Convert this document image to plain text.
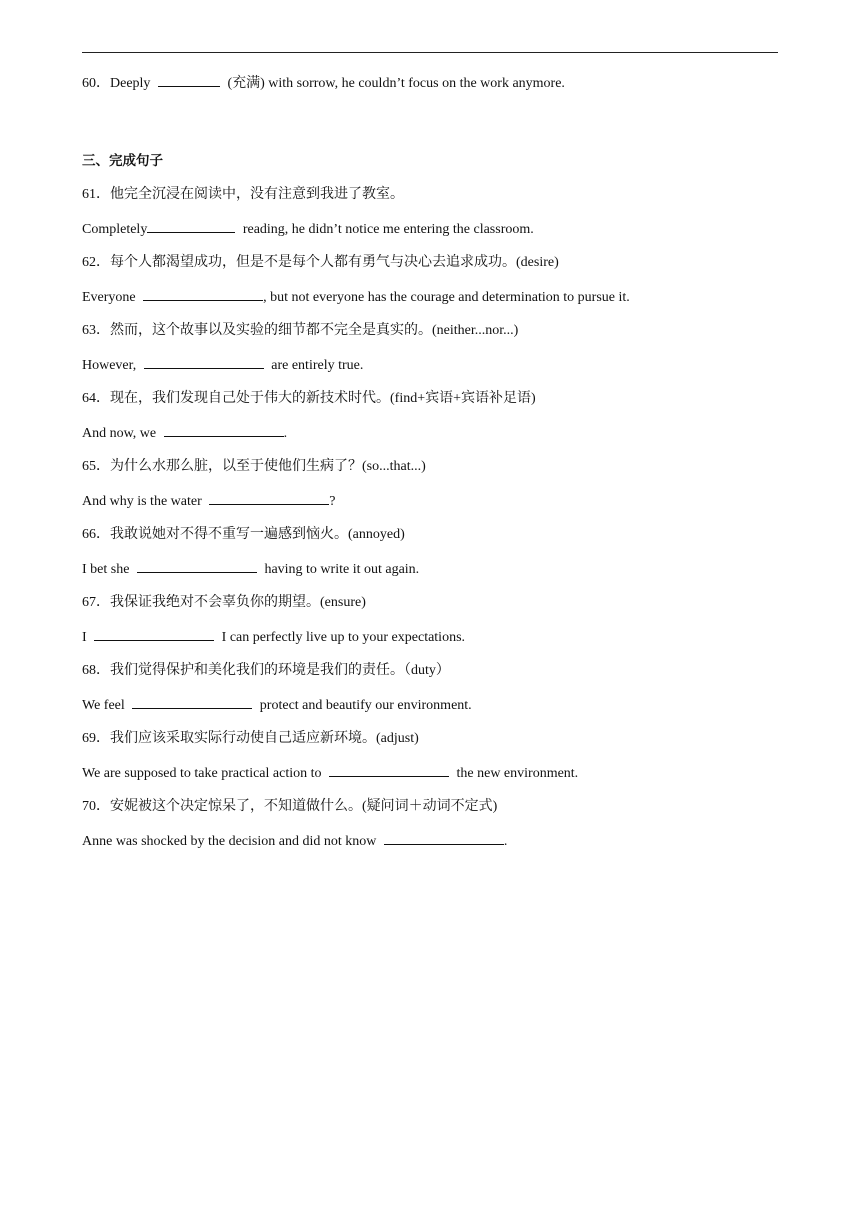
60．Deeply	(充满) with sorrow, he couldn’t focus on the work anymore.
三、完成句子
61．他完全沉浸在阅读中，没有注意到我进了教室。
Completely	reading, he didn’t notice me entering the classroom.
62．每个人都渴望成功，但是不是每个人都有勇气与决心去追求成功。(desire)
Everyone	, but not everyone has the courage and determination to pursue it.
63．然而，这个故事以及实验的细节都不完全是真实的。(neither...nor...)
However,	are entirely true.
64．现在，我们发现自己处于伟大的新技术时代。(find+宾语+宾语补足语)
And now, we	.
65．为什么水那么脏，以至于使他们生病了？(so...that...)
And why is the water	?
66．我敢说她对不得不重写一遍感到恼火。(annoyed)
I bet she	having to write it out again.
67．我保证我绝对不会辜负你的期望。(ensure)
I	I can perfectly live up to your expectations.
68．我们觉得保护和美化我们的环境是我们的责任。（duty）
We feel	protect and beautify our environment.
69．我们应该采取实际行动使自己适应新环境。(adjust)
We are supposed to take practical action to	the new environment.
70．安妮被这个决定惊呆了，不知道做什么。(疑问词＋动词不定式)
Anne was shocked by the decision and did not know	.
